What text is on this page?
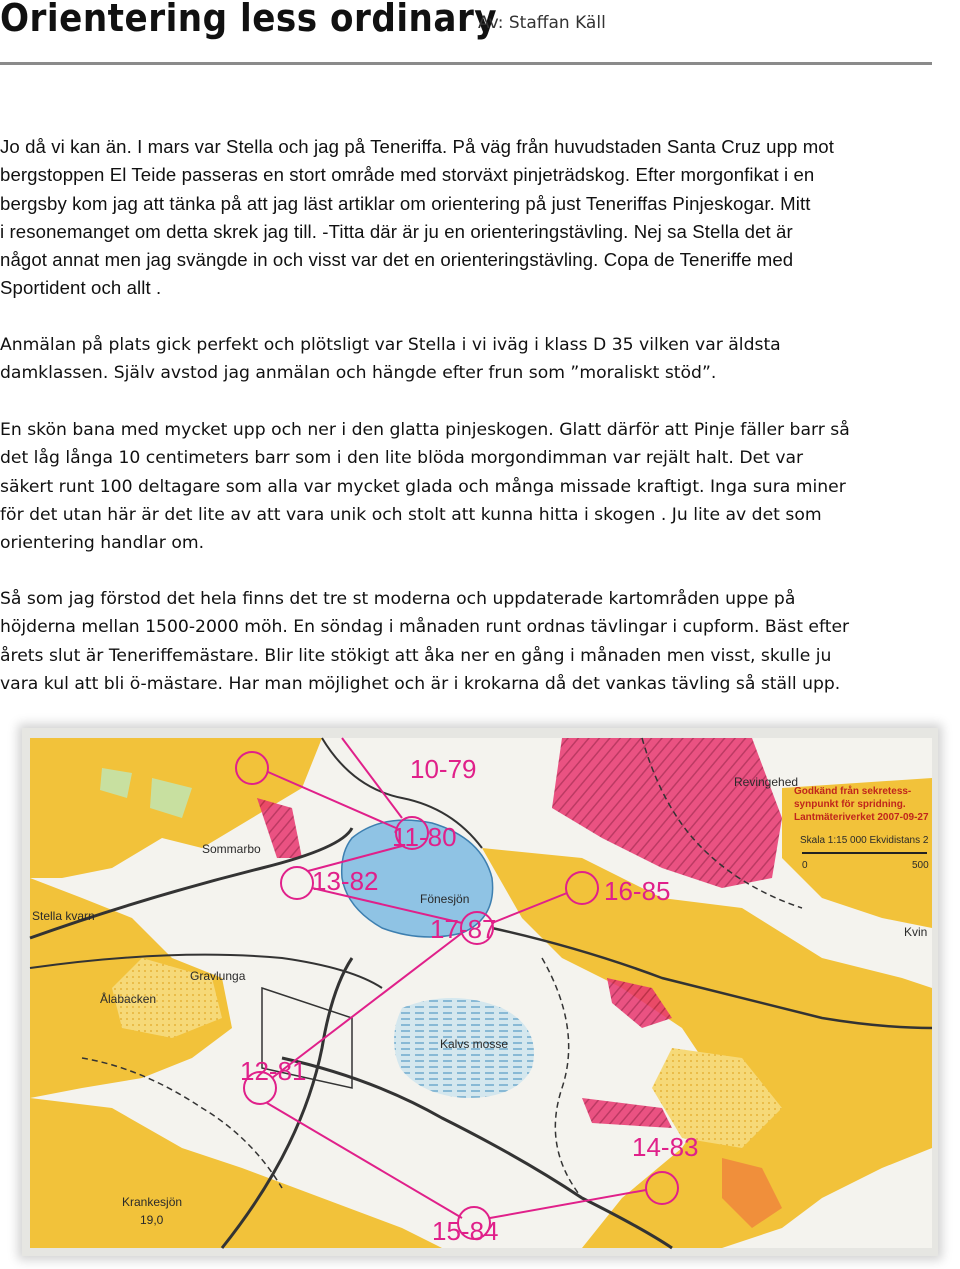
Orientering less ordinary
Av: Staffan Käll

Jo då vi kan än. I mars var Stella och jag på Teneriffa. På väg från huvudstaden Santa Cruz upp mot
bergstoppen El Teide passeras en stort område med storväxt pinjeträdskog. Efter morgonfikat i en
bergsby kom jag att tänka på att jag läst artiklar om orientering på just Teneriffas Pinjeskogar. Mitt
i resonemanget om detta skrek jag till. -Titta där är ju en orienteringstävling. Nej sa Stella det är
något annat men jag svängde in och visst var det en orienteringstävling. Copa de Teneriffe med
Sportident och allt .

Anmälan på plats gick perfekt och plötsligt var Stella i vi iväg i klass D 35 vilken var äldsta
damklassen. Själv avstod jag anmälan och hängde efter frun som ”moraliskt stöd”.

En skön bana med mycket upp och ner i den glatta pinjeskogen. Glatt därför att Pinje fäller barr så
det låg långa 10 centimeters barr som i den lite blöda morgondimman var rejält halt. Det var
säkert runt 100 deltagare som alla var mycket glada och många missade kraftigt. Inga sura miner
för det utan här är det lite av att vara unik och stolt att kunna hitta i skogen . Ju lite av det som
orientering handlar om.

Så som jag förstod det hela finns det tre st moderna och uppdaterade kartområden uppe på
höjderna mellan 1500-2000 möh. En söndag i månaden runt ordnas tävlingar i cupform. Bäst efter
årets slut är Teneriffemästare. Blir lite stökigt att åka ner en gång i månaden men visst, skulle ju
vara kul att bli ö-mästare. Har man möjlighet och är i krokarna då det vankas tävling så ställ upp.

10-79
11-80
13-82	16-85
17-87
12-81
14-83
15-84
Sommarbo
Stella kvarn
Fönesjön
Gravlunga
Ålabacken
Kalvs mosse
Krankesjön
19,0
Revingehed
Kvin
Godkänd från sekretess-
synpunkt för spridning.
Lantmäteriverket 2007-09-27
Skala 1:15 000 Ekvidistans 2
0	500
